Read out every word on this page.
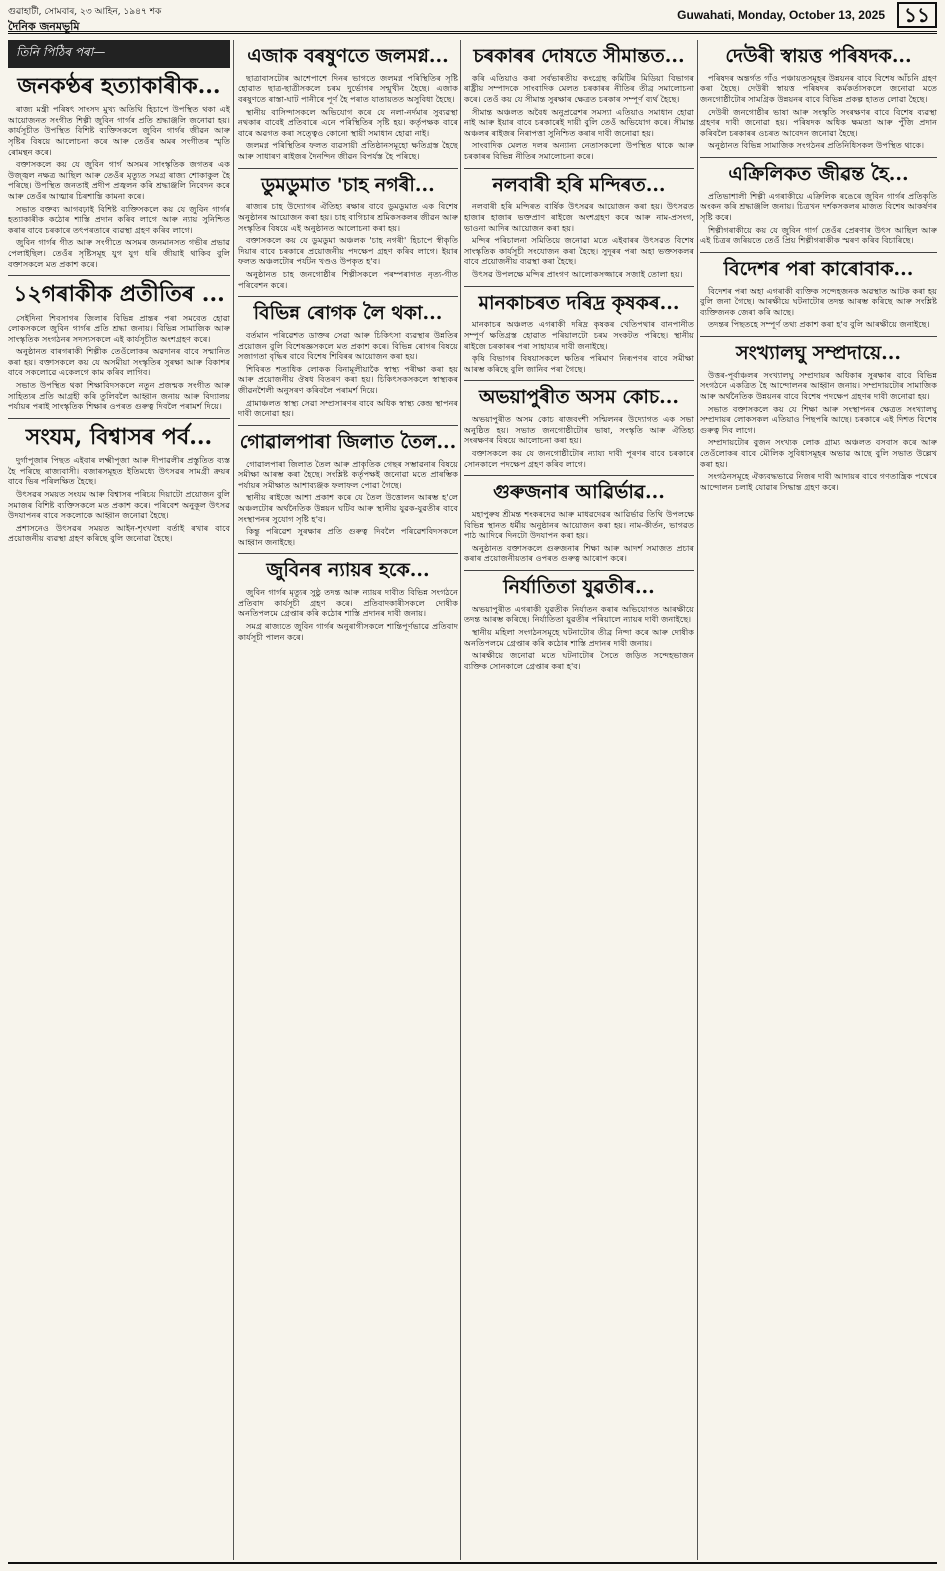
গুৱাহাটী, সোমবাৰ, ২৩ আহিন, ১৯৪৭ শক
দৈনিক জনমভূমি
Guwahati, Monday, October 13, 2025 ১১
তিনি পিঠিৰ পৰা—
জনকণ্ঠৰ হত্যাকাৰীক...

ৰাজ্য মন্ত্ৰী পৰিষৎ সাংসদ মুখ্য অতিথি হিচাপে উপস্থিত থকা এই আয়োজনত সংগীত শিল্পী জুবিন গাৰ্গৰ প্ৰতি শ্ৰদ্ধাঞ্জলি জনোৱা হয়। কাৰ্যসূচীত উপস্থিত বিশিষ্ট ব্যক্তিসকলে জুবিন গাৰ্গৰ জীৱন আৰু সৃষ্টিৰ বিষয়ে আলোচনা কৰে আৰু তেওঁৰ অমৰ সংগীতৰ স্মৃতি ৰোমন্থন কৰে।

বক্তাসকলে কয় যে জুবিন গাৰ্গ অসমৰ সাংস্কৃতিক জগতৰ এক উজ্জ্বল নক্ষত্ৰ আছিল আৰু তেওঁৰ মৃত্যুত সমগ্ৰ ৰাজ্য শোকাকুল হৈ পৰিছে। উপস্থিত জনতাই প্ৰদীপ প্ৰজ্বলন কৰি শ্ৰদ্ধাঞ্জলি নিবেদন কৰে আৰু তেওঁৰ আত্মাৰ চিৰশান্তি কামনা কৰে।

সভাত বক্তব্য আগবঢ়াই বিশিষ্ট ব্যক্তিসকলে কয় যে জুবিন গাৰ্গৰ হত্যাকাৰীক কঠোৰ শাস্তি প্ৰদান কৰিব লাগে আৰু ন্যায় সুনিশ্চিত কৰাৰ বাবে চৰকাৰে তৎপৰতাৰে ব্যৱস্থা গ্ৰহণ কৰিব লাগে।

জুবিন গাৰ্গৰ গীত আৰু সংগীতে অসমৰ জনমানসত গভীৰ প্ৰভাৱ পেলাইছিল। তেওঁৰ সৃষ্টিসমূহ যুগ যুগ ধৰি জীয়াই থাকিব বুলি বক্তাসকলে মত প্ৰকাশ কৰে।

১২গৰাকীক প্ৰতীতিৰ ...

সেইদিনা শিবসাগৰ জিলাৰ বিভিন্ন প্ৰান্তৰ পৰা সমবেত হোৱা লোকসকলে জুবিন গাৰ্গৰ প্ৰতি শ্ৰদ্ধা জনায়। বিভিন্ন সামাজিক আৰু সাংস্কৃতিক সংগঠনৰ সদস্যসকলে এই কাৰ্যসূচীত অংশগ্ৰহণ কৰে।

অনুষ্ঠানত বাৰগৰাকী শিল্পীক তেওঁলোকৰ অৱদানৰ বাবে সন্মানিত কৰা হয়। বক্তাসকলে কয় যে অসমীয়া সংস্কৃতিৰ সুৰক্ষা আৰু বিকাশৰ বাবে সকলোৱে একেলগে কাম কৰিব লাগিব।

সভাত উপস্থিত থকা শিক্ষাবিদসকলে নতুন প্ৰজন্মক সংগীত আৰু সাহিত্যৰ প্ৰতি আগ্ৰহী কৰি তুলিবলৈ আহ্বান জনায় আৰু বিদ্যালয় পৰ্যায়ৰ পৰাই সাংস্কৃতিক শিক্ষাৰ ওপৰত গুৰুত্ব দিবলৈ পৰামৰ্শ দিয়ে।

সংযম, বিশ্বাসৰ পৰ্ব...

দুৰ্গাপূজাৰ পিছত এইবাৰ লক্ষ্মীপূজা আৰু দীপাৱলীৰ প্ৰস্তুতিত ব্যস্ত হৈ পৰিছে ৰাজ্যবাসী। বজাৰসমূহত ইতিমধ্যে উৎসৱৰ সামগ্ৰী ক্ৰয়ৰ বাবে ভিৰ পৰিলক্ষিত হৈছে।

উৎসৱৰ সময়ত সংযম আৰু বিশ্বাসৰ পৰিচয় দিয়াটো প্ৰয়োজন বুলি সমাজৰ বিশিষ্ট ব্যক্তিসকলে মত প্ৰকাশ কৰে। পৰিবেশ অনুকূল উৎসৱ উদযাপনৰ বাবে সকলোকে আহ্বান জনোৱা হৈছে।

প্ৰশাসনেও উৎসৱৰ সময়ত আইন-শৃংখলা বৰ্তাই ৰখাৰ বাবে প্ৰয়োজনীয় ব্যৱস্থা গ্ৰহণ কৰিছে বুলি জনোৱা হৈছে।

এজাক বৰষুণতে জলমগ্ন...

ছাত্ৰাবাসটোৰ আশেপাশে দিনৰ ভাগতে জলমগ্ন পৰিস্থিতিৰ সৃষ্টি হোৱাত ছাত্ৰ-ছাত্ৰীসকলে চৰম দুৰ্ভোগৰ সন্মুখীন হৈছে। এজাক বৰষুণতে ৰাস্তা-ঘাট পানীৰে পূৰ্ণ হৈ পৰাত যাতায়তত অসুবিধা হৈছে।

স্থানীয় বাসিন্দাসকলে অভিযোগ কৰে যে নলা-নৰ্দমাৰ সুব্যৱস্থা নথকাৰ বাবেই প্ৰতিবাৰে এনে পৰিস্থিতিৰ সৃষ্টি হয়। কৰ্তৃপক্ষক বাৰে বাৰে অৱগত কৰা সত্ত্বেও কোনো স্থায়ী সমাধান হোৱা নাই।

জলমগ্ন পৰিস্থিতিৰ ফলত ব্যৱসায়ী প্ৰতিষ্ঠানসমূহো ক্ষতিগ্ৰস্ত হৈছে আৰু সাধাৰণ ৰাইজৰ দৈনন্দিন জীৱন বিপৰ্যস্ত হৈ পৰিছে।

ডুমডুমাত 'চাহ নগৰী...

ৰাজ্যৰ চাহ উদ্যোগৰ ঐতিহ্য ৰক্ষাৰ বাবে ডুমডুমাত এক বিশেষ অনুষ্ঠানৰ আয়োজন কৰা হয়। চাহ বাগিচাৰ শ্ৰমিকসকলৰ জীৱন আৰু সংস্কৃতিৰ বিষয়ে এই অনুষ্ঠানত আলোচনা কৰা হয়।

বক্তাসকলে কয় যে ডুমডুমা অঞ্চলক 'চাহ নগৰী' হিচাপে স্বীকৃতি দিয়াৰ বাবে চৰকাৰে প্ৰয়োজনীয় পদক্ষেপ গ্ৰহণ কৰিব লাগে। ইয়াৰ ফলত অঞ্চলটোৰ পৰ্যটন খণ্ডও উপকৃত হ'ব।

অনুষ্ঠানত চাহ জনগোষ্ঠীৰ শিল্পীসকলে পৰম্পৰাগত নৃত্য-গীত পৰিবেশন কৰে।

বিভিন্ন ৰোগক লৈ থকা...

বৰ্তমান পৰিৱেশত ডাক্তৰ সেৱা আৰু চিকিৎসা ব্যৱস্থাৰ উন্নতিৰ প্ৰয়োজন বুলি বিশেষজ্ঞসকলে মত প্ৰকাশ কৰে। বিভিন্ন ৰোগৰ বিষয়ে সজাগতা বৃদ্ধিৰ বাবে বিশেষ শিবিৰৰ আয়োজন কৰা হয়।

শিবিৰত শতাধিক লোকক বিনামূলীয়াকৈ স্বাস্থ্য পৰীক্ষা কৰা হয় আৰু প্ৰয়োজনীয় ঔষধ বিতৰণ কৰা হয়। চিকিৎসকসকলে স্বাস্থ্যকৰ জীৱনশৈলী অনুসৰণ কৰিবলৈ পৰামৰ্শ দিয়ে।

গ্ৰামাঞ্চলত স্বাস্থ্য সেৱা সম্প্ৰসাৰণৰ বাবে অধিক স্বাস্থ্য কেন্দ্ৰ স্থাপনৰ দাবী জনোৱা হয়।

গোৱালপাৰা জিলাত তৈল...

গোৱালপাৰা জিলাত তৈল আৰু প্ৰাকৃতিক গেছৰ সম্ভাৱনাৰ বিষয়ে সমীক্ষা আৰম্ভ কৰা হৈছে। সংশ্লিষ্ট কৰ্তৃপক্ষই জনোৱা মতে প্ৰাৰম্ভিক পৰ্যায়ৰ সমীক্ষাত আশাব্যঞ্জক ফলাফল পোৱা গৈছে।

স্থানীয় ৰাইজে আশা প্ৰকাশ কৰে যে তৈল উত্তোলন আৰম্ভ হ'লে অঞ্চলটোৰ অৰ্থনৈতিক উন্নয়ন ঘটিব আৰু স্থানীয় যুৱক-যুৱতীৰ বাবে সংস্থাপনৰ সুযোগ সৃষ্টি হ'ব।

কিন্তু পৰিৱেশ সুৰক্ষাৰ প্ৰতি গুৰুত্ব দিবলৈ পৰিৱেশবিদসকলে আহ্বান জনাইছে।

জুবিনৰ ন্যায়ৰ হকে...

জুবিন গাৰ্গৰ মৃত্যুৰ সুষ্ঠু তদন্ত আৰু ন্যায়ৰ দাবীত বিভিন্ন সংগঠনে প্ৰতিবাদ কাৰ্যসূচী গ্ৰহণ কৰে। প্ৰতিবাদকাৰীসকলে দোষীক অনতিপলমে গ্ৰেপ্তাৰ কৰি কঠোৰ শাস্তি প্ৰদানৰ দাবী জনায়।

সমগ্ৰ ৰাজ্যতে জুবিন গাৰ্গৰ অনুৰাগীসকলে শান্তিপূৰ্ণভাৱে প্ৰতিবাদ কাৰ্যসূচী পালন কৰে।

চৰকাৰৰ দোষতে সীমান্তত...

কৰি এতিয়াও কৰা সৰ্বভাৰতীয় কংগ্ৰেছ কমিটিৰ মিডিয়া বিভাগৰ ৰাষ্ট্ৰীয় সম্পাদকে সাংবাদিক মেলত চৰকাৰৰ নীতিৰ তীব্ৰ সমালোচনা কৰে। তেওঁ কয় যে সীমান্ত সুৰক্ষাৰ ক্ষেত্ৰত চৰকাৰ সম্পূৰ্ণ ব্যৰ্থ হৈছে।

সীমান্ত অঞ্চলত অবৈধ অনুপ্ৰৱেশৰ সমস্যা এতিয়াও সমাধান হোৱা নাই আৰু ইয়াৰ বাবে চৰকাৰেই দায়ী বুলি তেওঁ অভিযোগ কৰে। সীমান্ত অঞ্চলৰ ৰাইজৰ নিৰাপত্তা সুনিশ্চিত কৰাৰ দাবী জনোৱা হয়।

সাংবাদিক মেলত দলৰ অন্যান্য নেতাসকলো উপস্থিত থাকে আৰু চৰকাৰৰ বিভিন্ন নীতিৰ সমালোচনা কৰে।

নলবাৰী হৰি মন্দিৰত...

নলবাৰী হৰি মন্দিৰত বাৰ্ষিক উৎসৱৰ আয়োজন কৰা হয়। উৎসৱত হাজাৰ হাজাৰ ভক্তপ্ৰাণ ৰাইজে অংশগ্ৰহণ কৰে আৰু নাম-প্ৰসংগ, ভাওনা আদিৰ আয়োজন কৰা হয়।

মন্দিৰ পৰিচালনা সমিতিয়ে জনোৱা মতে এইবাৰৰ উৎসৱত বিশেষ সাংস্কৃতিক কাৰ্যসূচী সংযোজন কৰা হৈছে। সুদূৰৰ পৰা অহা ভক্তসকলৰ বাবে প্ৰয়োজনীয় ব্যৱস্থা কৰা হৈছে।

উৎসৱ উপলক্ষে মন্দিৰ প্ৰাংগণ আলোকসজ্জাৰে সজাই তোলা হয়।

মানকাচৰত দৰিদ্ৰ কৃষকৰ...

মানকাচৰ অঞ্চলত এগৰাকী দৰিদ্ৰ কৃষকৰ খেতিপথাৰ বানপানীত সম্পূৰ্ণ ক্ষতিগ্ৰস্ত হোৱাত পৰিয়ালটো চৰম সংকটত পৰিছে। স্থানীয় ৰাইজে চৰকাৰৰ পৰা সাহায্যৰ দাবী জনাইছে।

কৃষি বিভাগৰ বিষয়াসকলে ক্ষতিৰ পৰিমাণ নিৰূপণৰ বাবে সমীক্ষা আৰম্ভ কৰিছে বুলি জানিব পৰা গৈছে।

অভয়াপুৰীত অসম কোচ...

অভয়াপুৰীত অসম কোচ ৰাজবংশী সন্মিলনৰ উদ্যোগত এক সভা অনুষ্ঠিত হয়। সভাত জনগোষ্ঠীটোৰ ভাষা, সংস্কৃতি আৰু ঐতিহ্য সংৰক্ষণৰ বিষয়ে আলোচনা কৰা হয়।

বক্তাসকলে কয় যে জনগোষ্ঠীটোৰ ন্যায্য দাবী পূৰণৰ বাবে চৰকাৰে সোনকালে পদক্ষেপ গ্ৰহণ কৰিব লাগে।

গুৰুজনাৰ আৱিৰ্ভাৱ...

মহাপুৰুষ শ্ৰীমন্ত শংকৰদেৱ আৰু মাধৱদেৱৰ আৱিৰ্ভাৱ তিথি উপলক্ষে বিভিন্ন স্থানত ধৰ্মীয় অনুষ্ঠানৰ আয়োজন কৰা হয়। নাম-কীৰ্তন, ভাগৱত পাঠ আদিৰে দিনটো উদযাপন কৰা হয়।

অনুষ্ঠানত বক্তাসকলে গুৰুজনাৰ শিক্ষা আৰু আদৰ্শ সমাজত প্ৰচাৰ কৰাৰ প্ৰয়োজনীয়তাৰ ওপৰত গুৰুত্ব আৰোপ কৰে।

নিৰ্যাতিতা যুৱতীৰ...

অভয়াপুৰীত এগৰাকী যুৱতীক নিৰ্যাতন কৰাৰ অভিযোগত আৰক্ষীয়ে তদন্ত আৰম্ভ কৰিছে। নিৰ্যাতিতা যুৱতীৰ পৰিয়ালে ন্যায়ৰ দাবী জনাইছে।

স্থানীয় মহিলা সংগঠনসমূহে ঘটনাটোৰ তীব্ৰ নিন্দা কৰে আৰু দোষীক অনতিপলমে গ্ৰেপ্তাৰ কৰি কঠোৰ শাস্তি প্ৰদানৰ দাবী জনায়।

আৰক্ষীয়ে জনোৱা মতে ঘটনাটোৰ সৈতে জড়িত সন্দেহভাজন ব্যক্তিক সোনকালে গ্ৰেপ্তাৰ কৰা হ'ব।

দেউৰী স্বায়ত্ত পৰিষদক...

পৰিষদৰ অন্তৰ্গত গাঁও পঞ্চায়তসমূহৰ উন্নয়নৰ বাবে বিশেষ আঁচনি গ্ৰহণ কৰা হৈছে। দেউৰী স্বায়ত্ত পৰিষদৰ কৰ্মকৰ্তাসকলে জনোৱা মতে জনগোষ্ঠীটোৰ সামগ্ৰিক উন্নয়নৰ বাবে বিভিন্ন প্ৰকল্প হাতত লোৱা হৈছে।

দেউৰী জনগোষ্ঠীৰ ভাষা আৰু সংস্কৃতি সংৰক্ষণৰ বাবে বিশেষ ব্যৱস্থা গ্ৰহণৰ দাবী জনোৱা হয়। পৰিষদক অধিক ক্ষমতা আৰু পুঁজি প্ৰদান কৰিবলৈ চৰকাৰৰ ওচৰত আবেদন জনোৱা হৈছে।

অনুষ্ঠানত বিভিন্ন সামাজিক সংগঠনৰ প্ৰতিনিধিসকল উপস্থিত থাকে।

এক্ৰিলিকত জীৱন্ত হৈ...

প্ৰতিভাশালী শিল্পী এগৰাকীয়ে এক্ৰিলিক ৰঙেৰে জুবিন গাৰ্গৰ প্ৰতিকৃতি অংকন কৰি শ্ৰদ্ধাঞ্জলি জনায়। চিত্ৰখন দৰ্শকসকলৰ মাজত বিশেষ আকৰ্ষণৰ সৃষ্টি কৰে।

শিল্পীগৰাকীয়ে কয় যে জুবিন গাৰ্গ তেওঁৰ প্ৰেৰণাৰ উৎস আছিল আৰু এই চিত্ৰৰ জৰিয়তে তেওঁ প্ৰিয় শিল্পীগৰাকীক স্মৰণ কৰিব বিচাৰিছে।

বিদেশৰ পৰা কাৰোবাক...

বিদেশৰ পৰা অহা এগৰাকী ব্যক্তিক সন্দেহজনক অৱস্থাত আটক কৰা হয় বুলি জনা গৈছে। আৰক্ষীয়ে ঘটনাটোৰ তদন্ত আৰম্ভ কৰিছে আৰু সংশ্লিষ্ট ব্যক্তিজনক জেৰা কৰি আছে।

তদন্তৰ পিছতহে সম্পূৰ্ণ তথ্য প্ৰকাশ কৰা হ'ব বুলি আৰক্ষীয়ে জনাইছে।

সংখ্যালঘু সম্প্ৰদায়ে...

উত্তৰ-পূৰ্বাঞ্চলৰ সংখ্যালঘু সম্প্ৰদায়ৰ অধিকাৰ সুৰক্ষাৰ বাবে বিভিন্ন সংগঠনে একত্ৰিত হৈ আন্দোলনৰ আহ্বান জনায়। সম্প্ৰদায়টোৰ সামাজিক আৰু অৰ্থনৈতিক উন্নয়নৰ বাবে বিশেষ পদক্ষেপ গ্ৰহণৰ দাবী জনোৱা হয়।

সভাত বক্তাসকলে কয় যে শিক্ষা আৰু সংস্থাপনৰ ক্ষেত্ৰত সংখ্যালঘু সম্প্ৰদায়ৰ লোকসকল এতিয়াও পিছপৰি আছে। চৰকাৰে এই দিশত বিশেষ গুৰুত্ব দিব লাগে।

সম্প্ৰদায়টোৰ বুজন সংখ্যক লোক গ্ৰাম্য অঞ্চলত বসবাস কৰে আৰু তেওঁলোকৰ বাবে মৌলিক সুবিধাসমূহৰ অভাৱ আছে বুলি সভাত উল্লেখ কৰা হয়।

সংগঠনসমূহে ঐক্যবদ্ধভাৱে নিজৰ দাবী আদায়ৰ বাবে গণতান্ত্ৰিক পথেৰে আন্দোলন চলাই যোৱাৰ সিদ্ধান্ত গ্ৰহণ কৰে।
